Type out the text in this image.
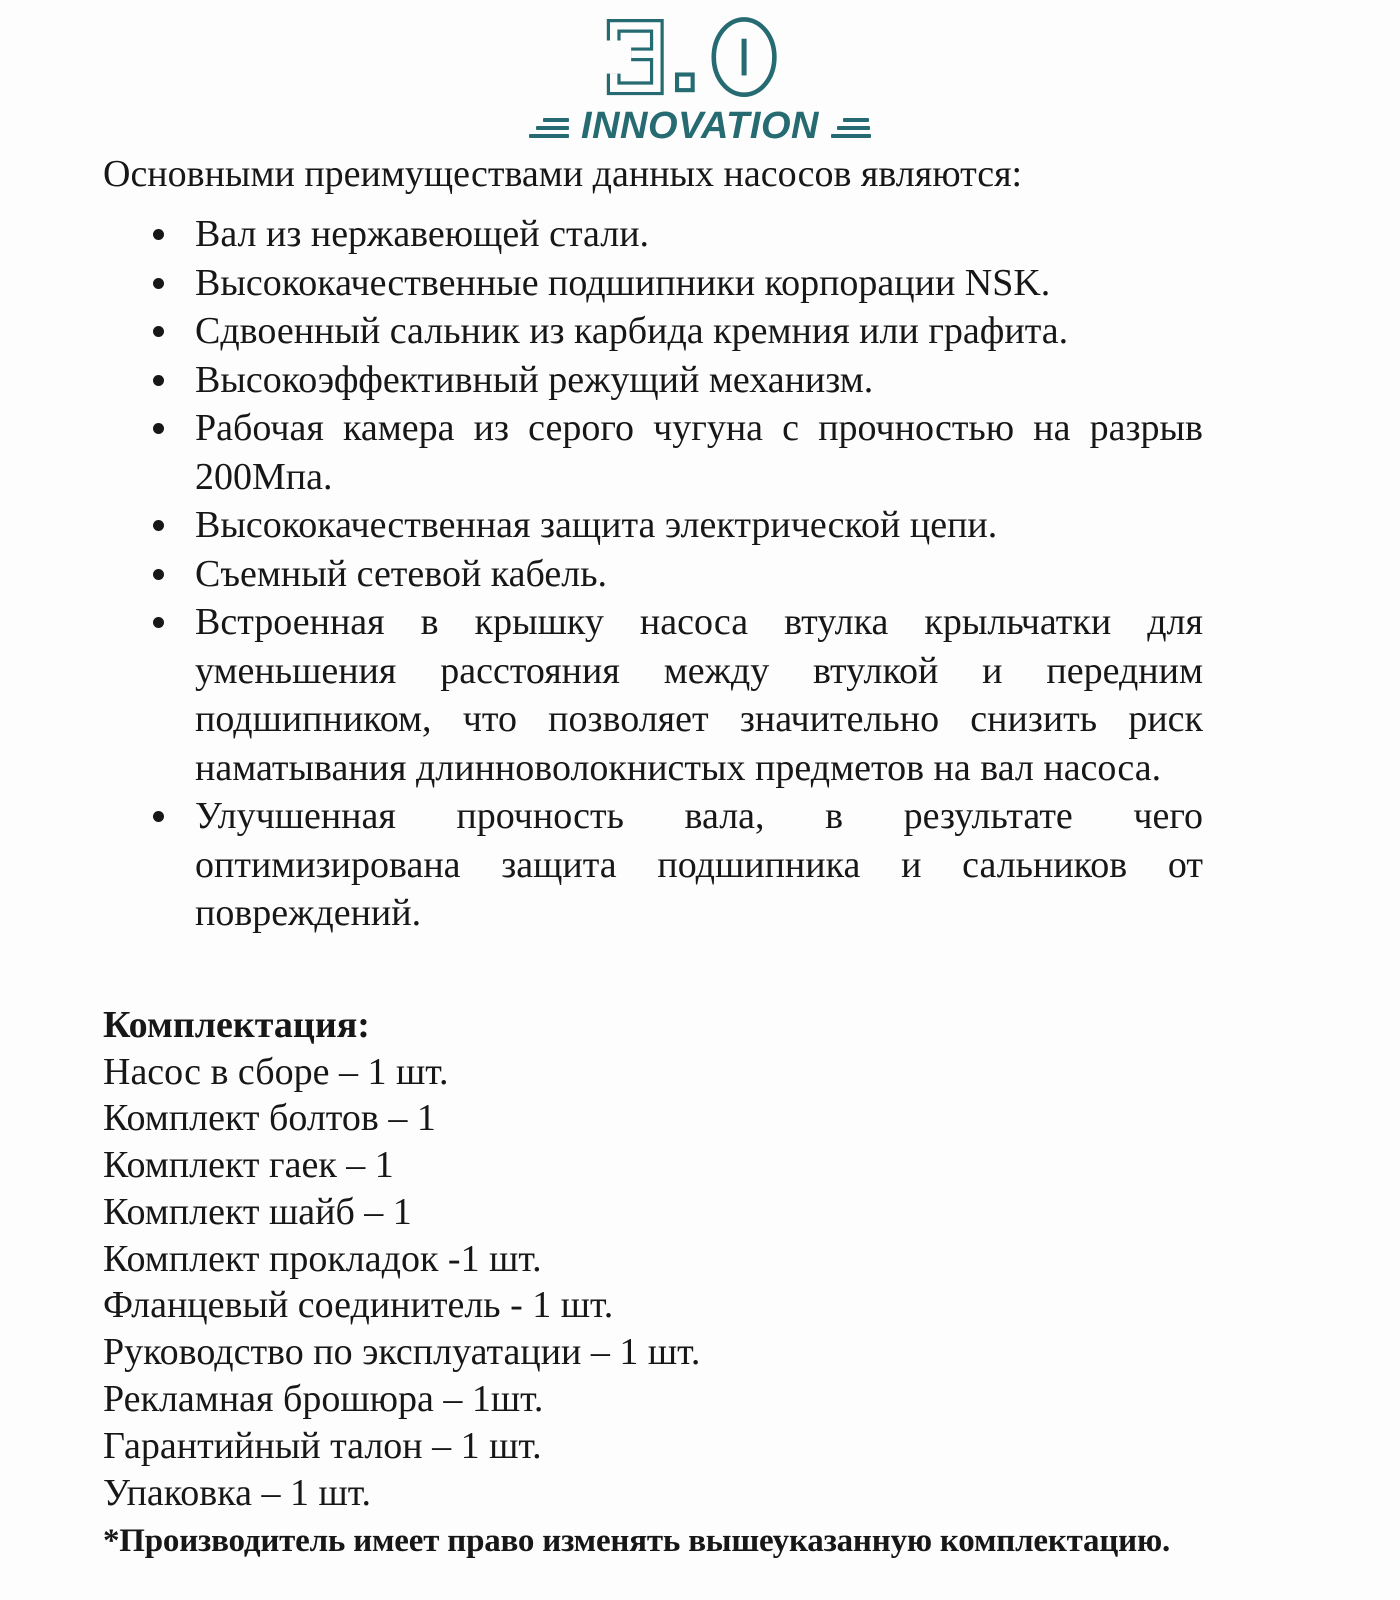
INNOVATION

Основными преимуществами данных насосов являются:

Вал из нержавеющей стали.
Высококачественные подшипники корпорации NSK.
Сдвоенный сальник из карбида кремния или графита.
Высокоэффективный режущий механизм.
Рабочая камера из серого чугуна с прочностью на разрыв 200Мпа.
Высококачественная защита электрической цепи.
Съемный сетевой кабель.
Встроенная в крышку насоса втулка крыльчатки для уменьшения расстояния между втулкой и передним подшипником, что позволяет значительно снизить риск наматывания длинноволокнистых предметов на вал насоса.
Улучшенная прочность вала, в результате чего оптимизирована защита подшипника и сальников от повреждений.
Комплектация:

Насос в сборе – 1 шт.

Комплект болтов – 1

Комплект гаек – 1

Комплект шайб – 1

Комплект прокладок -1 шт.

Фланцевый соединитель - 1 шт.

Руководство по эксплуатации – 1 шт.

Рекламная брошюра – 1шт.

Гарантийный талон – 1 шт.

Упаковка – 1 шт.

*Производитель имеет право изменять вышеуказанную комплектацию.
